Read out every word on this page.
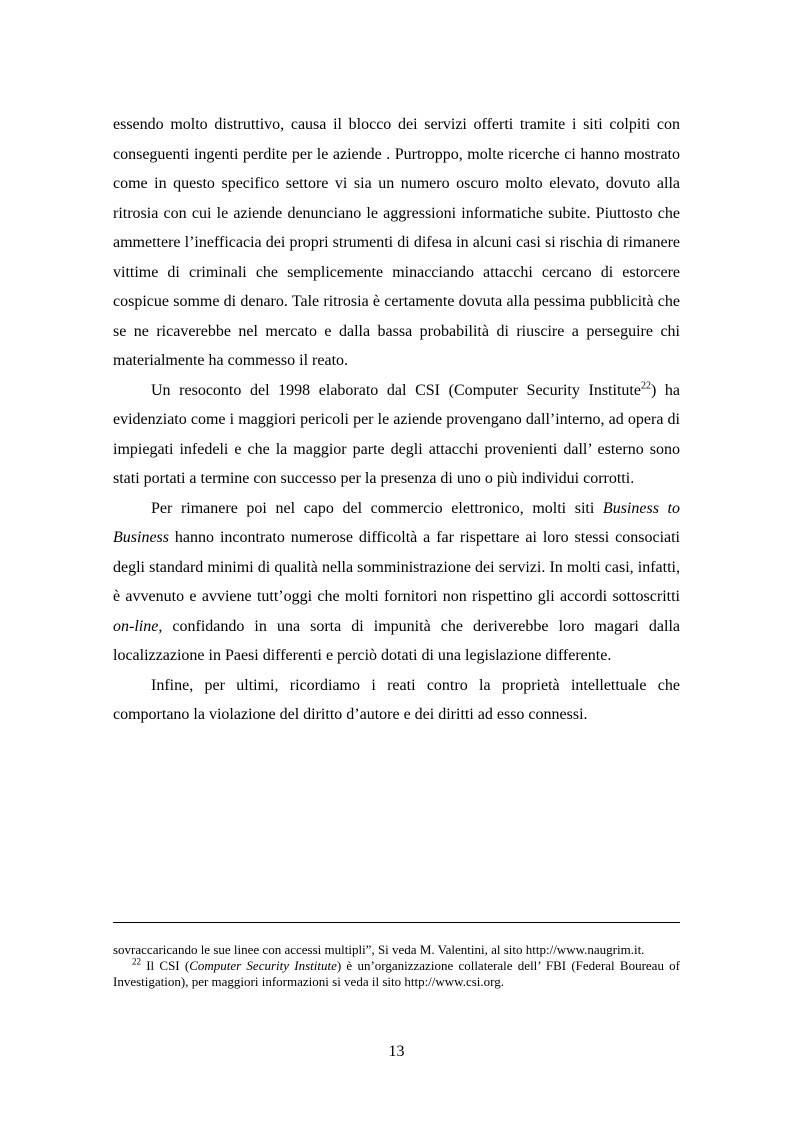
essendo molto distruttivo, causa il blocco dei servizi offerti tramite i siti colpiti con conseguenti ingenti perdite per le aziende . Purtroppo, molte ricerche ci hanno mostrato come in questo specifico settore vi sia un numero oscuro molto elevato, dovuto alla ritrosia con cui le aziende denunciano le aggressioni informatiche subite. Piuttosto che ammettere l’inefficacia dei propri strumenti di difesa in alcuni casi si rischia di rimanere vittime di criminali che semplicemente minacciando attacchi cercano di estorcere cospicue somme di denaro. Tale ritrosia è certamente dovuta alla pessima pubblicità che se ne ricaverebbe nel mercato e dalla bassa probabilità di riuscire a perseguire chi materialmente ha commesso il reato.

Un resoconto del 1998 elaborato dal CSI (Computer Security Institute$^{22}$) ha evidenziato come i maggiori pericoli per le aziende provengano dall’interno, ad opera di impiegati infedeli e che la maggior parte degli attacchi provenienti dall’ esterno sono stati portati a termine con successo per la presenza di uno o più individui corrotti.

Per rimanere poi nel capo del commercio elettronico, molti siti Business to Business hanno incontrato numerose difficoltà a far rispettare ai loro stessi consociati degli standard minimi di qualità nella somministrazione dei servizi. In molti casi, infatti, è avvenuto e avviene tutt’oggi che molti fornitori non rispettino gli accordi sottoscritti on-line, confidando in una sorta di impunità che deriverebbe loro magari dalla localizzazione in Paesi differenti e perciò dotati di una legislazione differente.

Infine, per ultimi, ricordiamo i reati contro la proprietà intellettuale che comportano la violazione del diritto d’autore e dei diritti ad esso connessi.

sovraccaricando le sue linee con accessi multipli”, Si veda M. Valentini, al sito http://www.naugrim.it.

$^{22}$ Il CSI (Computer Security Institute) è un’organizzazione collaterale dell’ FBI (Federal Boureau of Investigation), per maggiori informazioni si veda il sito http://www.csi.org.

13
